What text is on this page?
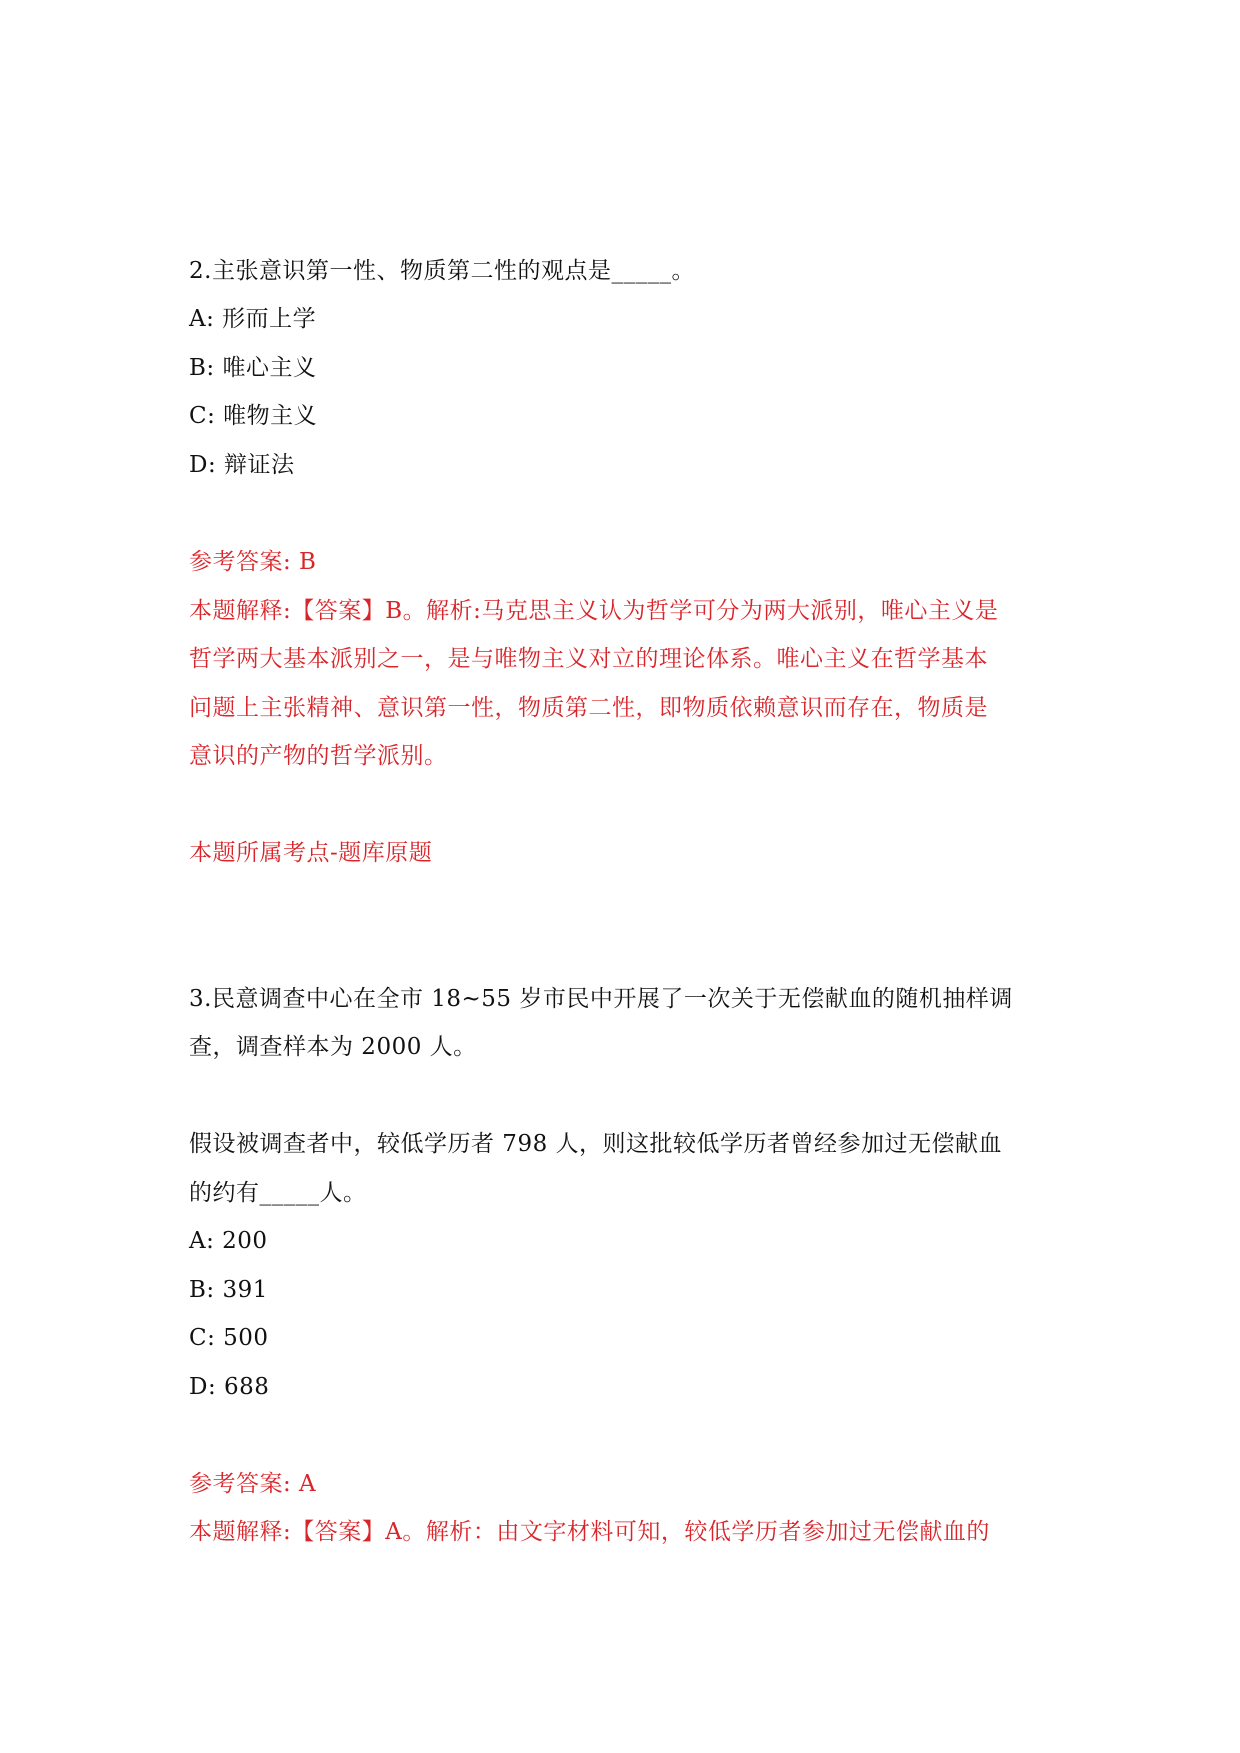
2.主张意识第一性、物质第二性的观点是_____。
A: 形而上学
B: 唯心主义
C: 唯物主义
D: 辩证法
参考答案: B
本题解释:【答案】B。解析:马克思主义认为哲学可分为两大派别，唯心主义是
哲学两大基本派别之一，是与唯物主义对立的理论体系。唯心主义在哲学基本
问题上主张精神、意识第一性，物质第二性，即物质依赖意识而存在，物质是
意识的产物的哲学派别。
本题所属考点-题库原题
3.民意调查中心在全市 18~55 岁市民中开展了一次关于无偿献血的随机抽样调
查，调查样本为 2000 人。
假设被调查者中，较低学历者 798 人，则这批较低学历者曾经参加过无偿献血
的约有_____人。
A: 200
B: 391
C: 500
D: 688
参考答案: A
本题解释:【答案】A。解析：由文字材料可知，较低学历者参加过无偿献血的
